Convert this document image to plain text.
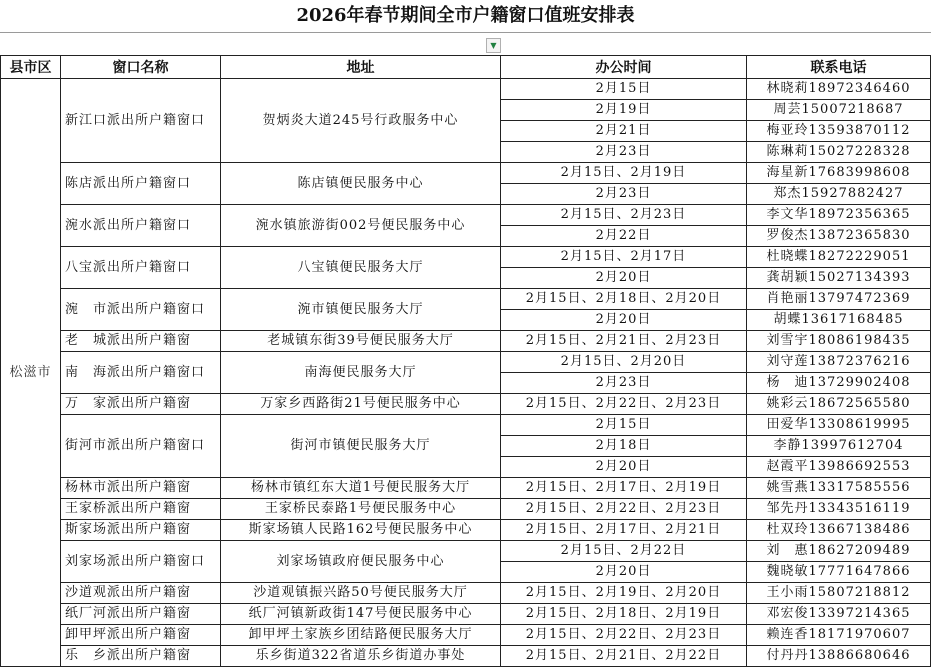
2026年春节期间全市户籍窗口值班安排表
▼
县市区	窗口名称	地址	办公时间	联系电话
松滋市	新江口派出所户籍窗口	贺炳炎大道245号行政服务中心	2月15日	林晓莉18972346460
			2月19日	周芸15007218687
			2月21日	梅亚玲13593870112
			2月23日	陈琳莉15027228328
	陈店派出所户籍窗口	陈店镇便民服务中心	2月15日、2月19日	海星新17683998608
			2月23日	郑杰15927882427
	涴水派出所户籍窗口	涴水镇旅游街002号便民服务中心	2月15日、2月23日	李文华18972356365
			2月22日	罗俊杰13872365830
	八宝派出所户籍窗口	八宝镇便民服务大厅	2月15日、2月17日	杜晓蝶18272229051
			2月20日	龚胡颖15027134393
	涴　市派出所户籍窗口	涴市镇便民服务大厅	2月15日、2月18日、2月20日	肖艳丽13797472369
			2月20日	胡蝶13617168485
	老　城派出所户籍窗	老城镇东街39号便民服务大厅	2月15日、2月21日、2月23日	刘雪宇18086198435
	南　海派出所户籍窗口	南海便民服务大厅	2月15日、2月20日	刘守莲13872376216
			2月23日	杨　迪13729902408
	万　家派出所户籍窗	万家乡西路街21号便民服务中心	2月15日、2月22日、2月23日	姚彩云18672565580
	街河市派出所户籍窗口	街河市镇便民服务大厅	2月15日	田爱华13308619995
			2月18日	李静13997612704
			2月20日	赵霞平13986692553
	杨林市派出所户籍窗	杨林市镇红东大道1号便民服务大厅	2月15日、2月17日、2月19日	姚雪燕13317585556
	王家桥派出所户籍窗	王家桥民泰路1号便民服务中心	2月15日、2月22日、2月23日	邹先丹13343516119
	斯家场派出所户籍窗	斯家场镇人民路162号便民服务中心	2月15日、2月17日、2月21日	杜双玲13667138486
	刘家场派出所户籍窗口	刘家场镇政府便民服务中心	2月15日、2月22日	刘　惠18627209489
			2月20日	魏晓敏17771647866
	沙道观派出所户籍窗	沙道观镇振兴路50号便民服务大厅	2月15日、2月19日、2月20日	王小雨15807218812
	纸厂河派出所户籍窗	纸厂河镇新政街147号便民服务中心	2月15日、2月18日、2月19日	邓宏俊13397214365
	卸甲坪派出所户籍窗	卸甲坪土家族乡团结路便民服务大厅	2月15日、2月22日、2月23日	赖连香18171970607
	乐　乡派出所户籍窗	乐乡街道322省道乐乡街道办事处	2月15日、2月21日、2月22日	付丹丹13886680646
